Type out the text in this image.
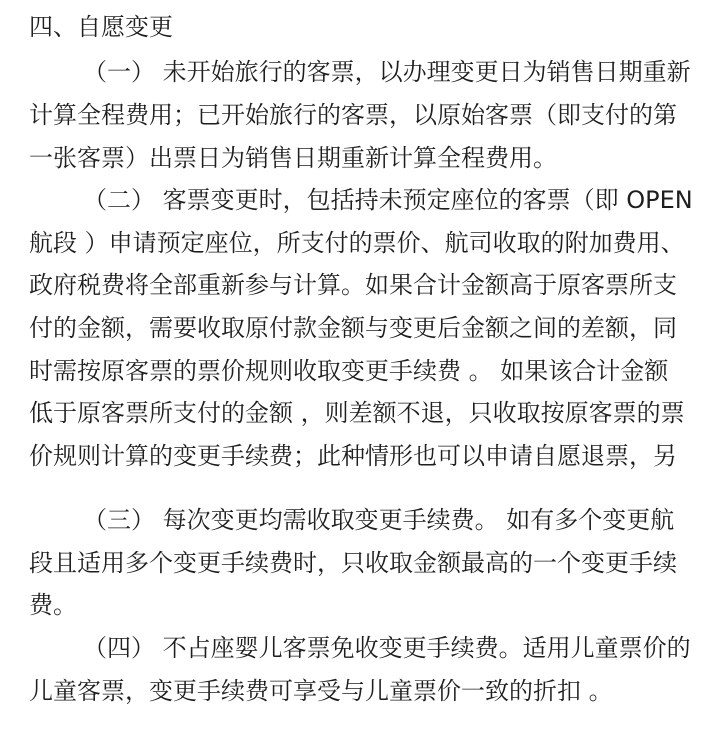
四、自愿变更
（一） 未开始旅行的客票，以办理变更日为销售日期重新
计算全程费用；已开始旅行的客票，以原始客票（即支付的第
一张客票）出票日为销售日期重新计算全程费用。
（二） 客票变更时，包括持未预定座位的客票（即 OPEN
航段 ）申请预定座位，所支付的票价、航司收取的附加费用、
政府税费将全部重新参与计算。如果合计金额高于原客票所支
付的金额，需要收取原付款金额与变更后金额之间的差额，同
时需按原客票的票价规则收取变更手续费 。 如果该合计金额
低于原客票所支付的金额 ，则差额不退，只收取按原客票的票
价规则计算的变更手续费；此种情形也可以申请自愿退票，另
（三） 每次变更均需收取变更手续费。 如有多个变更航
段且适用多个变更手续费时，只收取金额最高的一个变更手续
费。
（四） 不占座婴儿客票免收变更手续费。适用儿童票价的
儿童客票，变更手续费可享受与儿童票价一致的折扣 。
